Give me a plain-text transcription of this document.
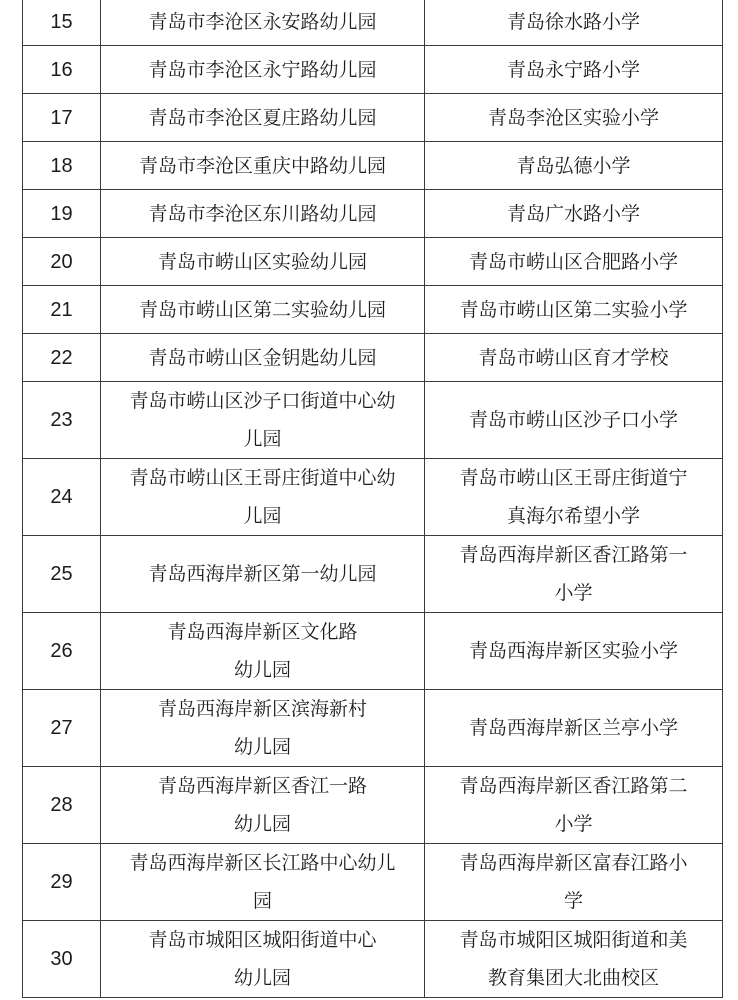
15	青岛市李沧区永安路幼儿园	青岛徐水路小学

16	青岛市李沧区永宁路幼儿园	青岛永宁路小学

17	青岛市李沧区夏庄路幼儿园	青岛李沧区实验小学

18	青岛市李沧区重庆中路幼儿园	青岛弘德小学

19	青岛市李沧区东川路幼儿园	青岛广水路小学

20	青岛市崂山区实验幼儿园	青岛市崂山区合肥路小学

21	青岛市崂山区第二实验幼儿园	青岛市崂山区第二实验小学

22	青岛市崂山区金钥匙幼儿园	青岛市崂山区育才学校

23	青岛市崂山区沙子口街道中心幼
儿园	青岛市崂山区沙子口小学

24	青岛市崂山区王哥庄街道中心幼
儿园	青岛市崂山区王哥庄街道宁
真海尔希望小学

25	青岛西海岸新区第一幼儿园	青岛西海岸新区香江路第一
小学

26	青岛西海岸新区文化路
幼儿园	青岛西海岸新区实验小学

27	青岛西海岸新区滨海新村
幼儿园	青岛西海岸新区兰亭小学

28	青岛西海岸新区香江一路
幼儿园	青岛西海岸新区香江路第二
小学

29	青岛西海岸新区长江路中心幼儿
园	青岛西海岸新区富春江路小
学

30	青岛市城阳区城阳街道中心
幼儿园	青岛市城阳区城阳街道和美
教育集团大北曲校区
